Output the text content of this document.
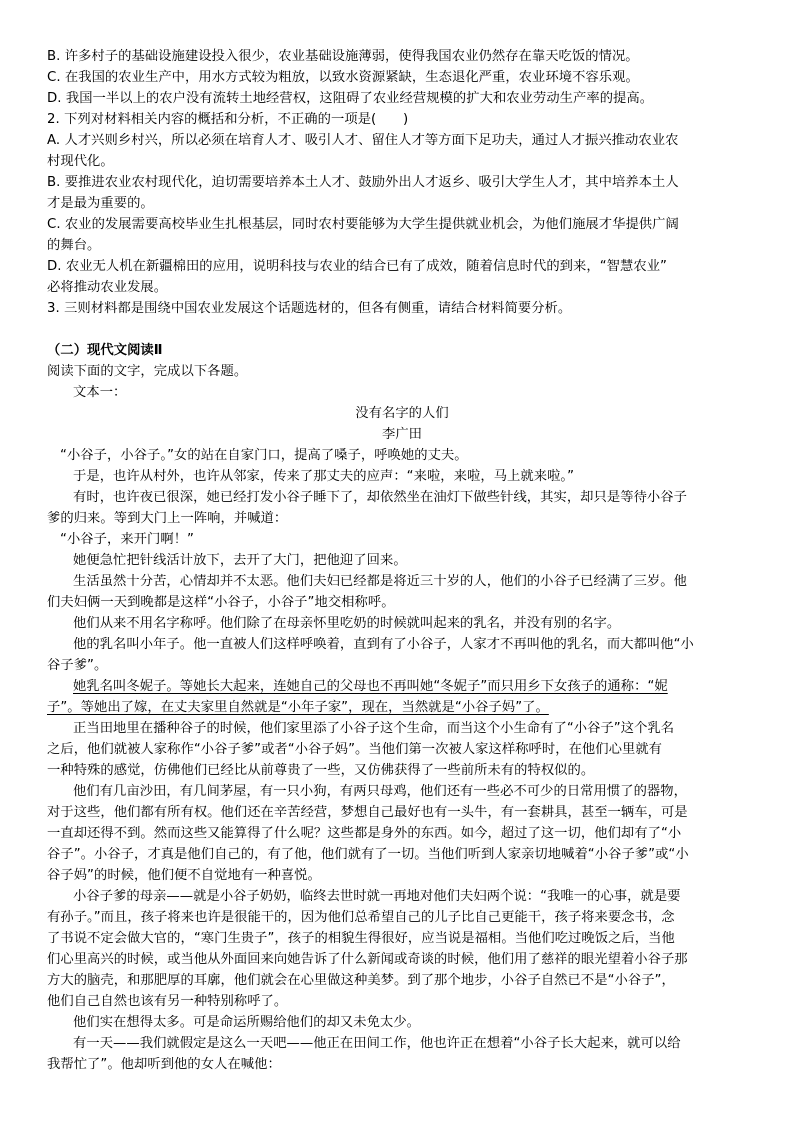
B. 许多村子的基础设施建设投入很少，农业基础设施薄弱，使得我国农业仍然存在靠天吃饭的情况。
C. 在我国的农业生产中，用水方式较为粗放，以致水资源紧缺，生态退化严重，农业环境不容乐观。
D. 我国一半以上的农户没有流转土地经营权，这阻碍了农业经营规模的扩大和农业劳动生产率的提高。
2. 下列对材料相关内容的概括和分析，不正确的一项是(　　)
A. 人才兴则乡村兴，所以必须在培育人才、吸引人才、留住人才等方面下足功夫，通过人才振兴推动农业农
村现代化。
B. 要推进农业农村现代化，迫切需要培养本土人才、鼓励外出人才返乡、吸引大学生人才，其中培养本土人
才是最为重要的。
C. 农业的发展需要高校毕业生扎根基层，同时农村要能够为大学生提供就业机会，为他们施展才华提供广阔
的舞台。
D. 农业无人机在新疆棉田的应用，说明科技与农业的结合已有了成效，随着信息时代的到来，“智慧农业”
必将推动农业发展。
3. 三则材料都是围绕中国农业发展这个话题选材的，但各有侧重，请结合材料简要分析。
（二）现代文阅读Ⅱ
阅读下面的文字，完成以下各题。
文本一：
没有名字的人们
李广田
“小谷子，小谷子。”女的站在自家门口，提高了嗓子，呼唤她的丈夫。
于是，也许从村外，也许从邻家，传来了那丈夫的应声：“来啦，来啦，马上就来啦。”
有时，也许夜已很深，她已经打发小谷子睡下了，却依然坐在油灯下做些针线，其实，却只是等待小谷子
爹的归来。等到大门上一阵响，并喊道：
“小谷子，来开门啊！”
她便急忙把针线活计放下，去开了大门，把他迎了回来。
生活虽然十分苦，心情却并不太恶。他们夫妇已经都是将近三十岁的人，他们的小谷子已经满了三岁。他
们夫妇俩一天到晚都是这样“小谷子，小谷子”地交相称呼。
他们从来不用名字称呼。他们除了在母亲怀里吃奶的时候就叫起来的乳名，并没有别的名字。
他的乳名叫小年子。他一直被人们这样呼唤着，直到有了小谷子，人家才不再叫他的乳名，而大都叫他“小
谷子爹”。
她乳名叫冬妮子。等她长大起来，连她自己的父母也不再叫她“冬妮子”而只用乡下女孩子的通称：“妮
子”。等她出了嫁，在丈夫家里自然就是“小年子家”，现在，当然就是“小谷子妈”了。
正当田地里在播种谷子的时候，他们家里添了小谷子这个生命，而当这个小生命有了“小谷子”这个乳名
之后，他们就被人家称作“小谷子爹”或者“小谷子妈”。当他们第一次被人家这样称呼时，在他们心里就有
一种特殊的感觉，仿佛他们已经比从前尊贵了一些，又仿佛获得了一些前所未有的特权似的。
他们有几亩沙田，有几间茅屋，有一只小狗，有两只母鸡，他们还有一些必不可少的日常用惯了的器物，
对于这些，他们都有所有权。他们还在辛苦经营，梦想自己最好也有一头牛，有一套耕具，甚至一辆车，可是
一直却还得不到。然而这些又能算得了什么呢？这些都是身外的东西。如今，超过了这一切，他们却有了“小
谷子”。小谷子，才真是他们自己的，有了他，他们就有了一切。当他们听到人家亲切地喊着“小谷子爹”或“小
谷子妈”的时候，他们便不自觉地有一种喜悦。
小谷子爹的母亲——就是小谷子奶奶，临终去世时就一再地对他们夫妇两个说：“我唯一的心事，就是要
有孙子。”而且，孩子将来也许是很能干的，因为他们总希望自己的儿子比自己更能干，孩子将来要念书，念
了书说不定会做大官的，“寒门生贵子”，孩子的相貌生得很好，应当说是福相。当他们吃过晚饭之后，当他
们心里高兴的时候，或当他从外面回来向她告诉了什么新闻或奇谈的时候，他们用了慈祥的眼光望着小谷子那
方大的脑壳，和那肥厚的耳廓，他们就会在心里做这种美梦。到了那个地步，小谷子自然已不是“小谷子”，
他们自己自然也该有另一种特别称呼了。
他们实在想得太多。可是命运所赐给他们的却又未免太少。
有一天——我们就假定是这么一天吧——他正在田间工作，他也许正在想着“小谷子长大起来，就可以给
我帮忙了”。他却听到他的女人在喊他：
